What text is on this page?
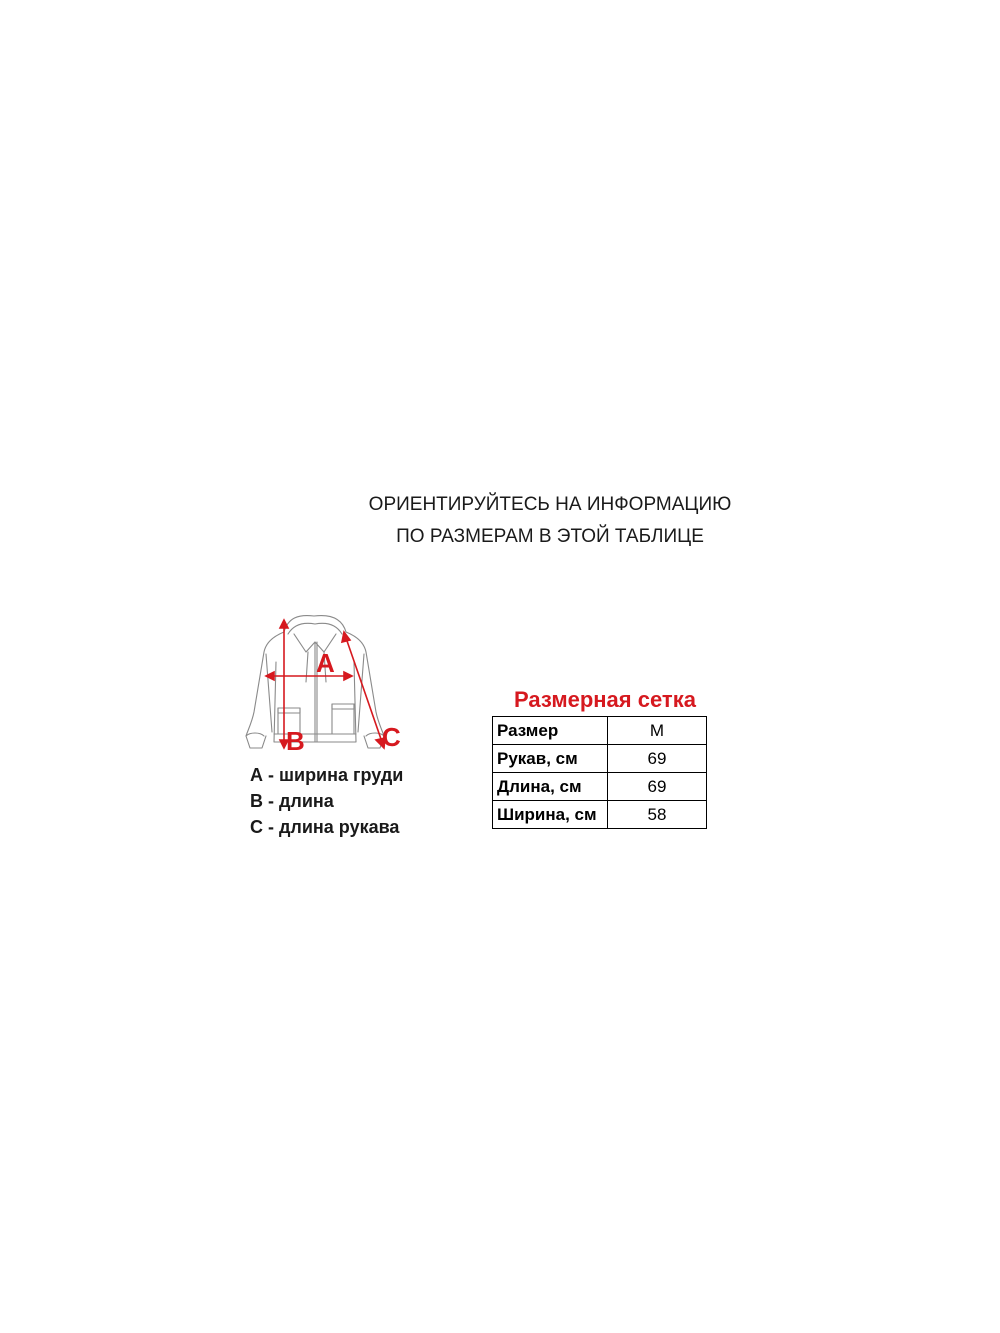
ОРИЕНТИРУЙТЕСЬ НА ИНФОРМАЦИЮ
ПО РАЗМЕРАМ В ЭТОЙ ТАБЛИЦЕ
A
B	C
А - ширина груди
В - длина
С - длина рукава
Размерная сетка
Размер	M
Рукав, см	69
Длина, см	69
Ширина, см	58
